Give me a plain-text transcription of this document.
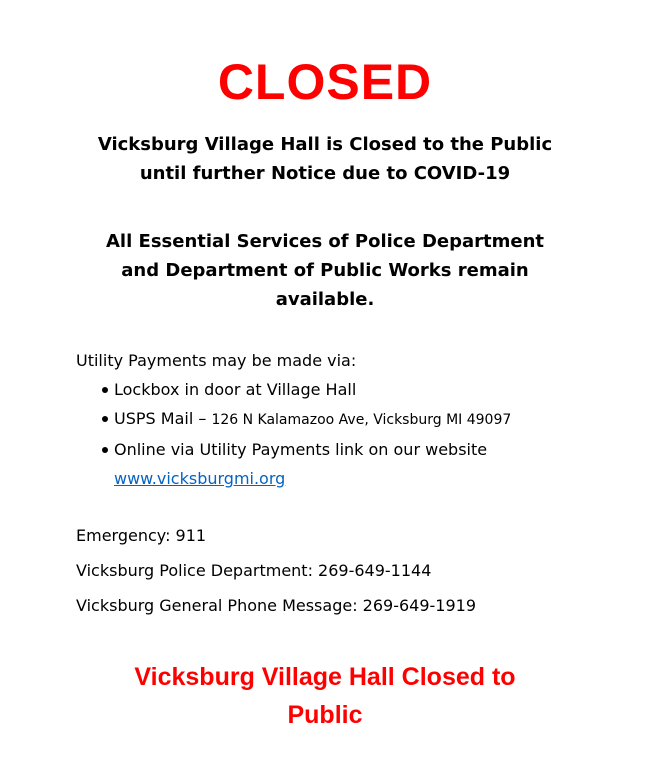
CLOSED
Vicksburg Village Hall is Closed to the Public
until further Notice due to COVID-19
All Essential Services of Police Department
and Department of Public Works remain
available.
Utility Payments may be made via:
Lockbox in door at Village Hall
USPS Mail – 126 N Kalamazoo Ave, Vicksburg MI 49097
Online via Utility Payments link on our website
www.vicksburgmi.org
Emergency: 911
Vicksburg Police Department: 269-649-1144
Vicksburg General Phone Message: 269-649-1919
Vicksburg Village Hall Closed to
Public
